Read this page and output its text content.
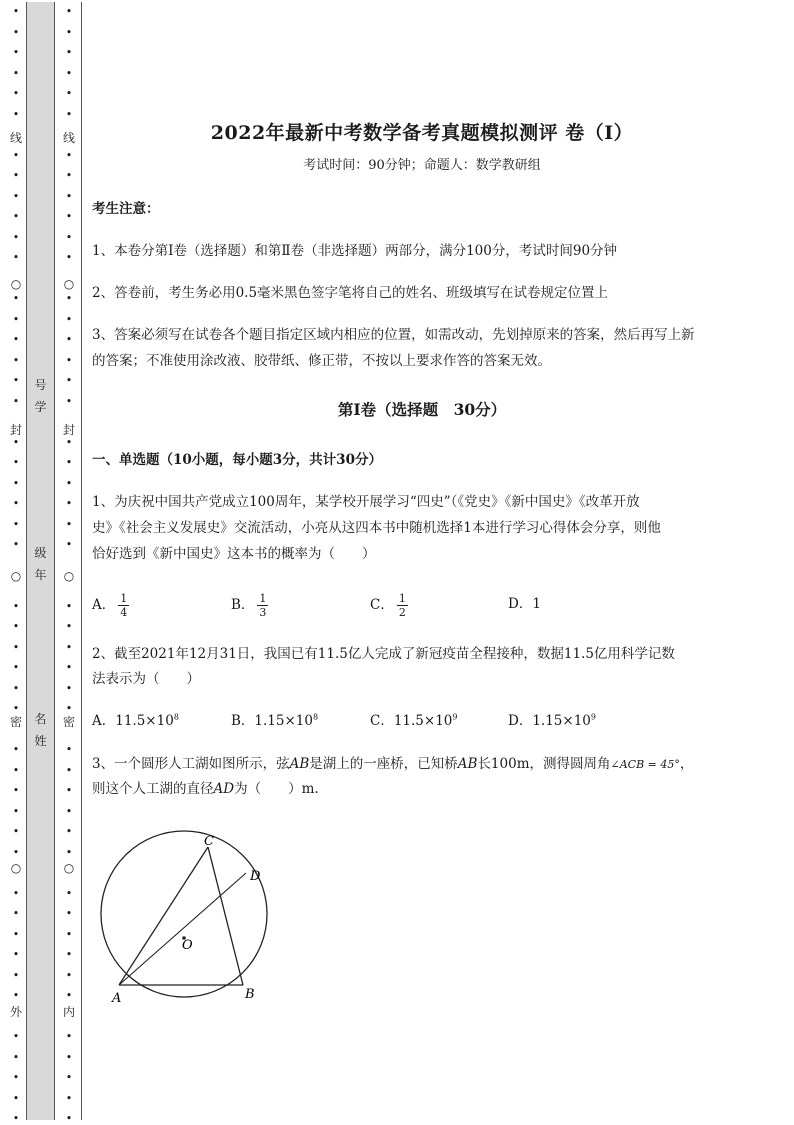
•
•
•
•
•
•
•
•
•
•
•
•
•
•
•
•
•
•
•
•
•
•
•
•
•
•
•
•
•
•
•
•
•
•
•
•
•
•
•
•
•
•
•
•
•
•
•
线
封
密
外
○
○
○
号
学
级
年
名
姓
•
•
•
•
•
•
•
•
•
•
•
•
•
•
•
•
•
•
•
•
•
•
•
•
•
•
•
•
•
•
•
•
•
•
•
•
•
•
•
•
•
•
•
•
•
•
•
线
封
密
内
○
○
○
2022年最新中考数学备考真题模拟测评 卷（Ⅰ）
考试时间：90分钟；命题人：数学教研组
考生注意：
1、本卷分第Ⅰ卷（选择题）和第Ⅱ卷（非选择题）两部分，满分100分，考试时间90分钟
2、答卷前，考生务必用0.5毫米黑色签字笔将自己的姓名、班级填写在试卷规定位置上
3、答案必须写在试卷各个题目指定区域内相应的位置，如需改动，先划掉原来的答案，然后再写上新
的答案；不准使用涂改液、胶带纸、修正带，不按以上要求作答的答案无效。
第Ⅰ卷（选择题　30分）
一、单选题（10小题，每小题3分，共计30分）
1、为庆祝中国共产党成立100周年，某学校开展学习“四史”（《党史》《新中国史》《改革开放
史》《社会主义发展史》交流活动，小亮从这四本书中随机选择1本进行学习心得体会分享，则他
恰好选到《新中国史》这本书的概率为（　　）
A． $\frac{1}{4}$	B． $\frac{1}{3}$	C． $\frac{1}{2}$	D．1
2、截至2021年12月31日，我国已有11.5亿人完成了新冠疫苗全程接种，数据11.5亿用科学记数
法表示为（　　）
A．$11.5\times 10^8$	B．$1.15\times 10^8$	C．$11.5\times 10^9$	D．$1.15\times 10^9$
3、一个圆形人工湖如图所示，弦AB是湖上的一座桥，已知桥AB长100m，测得圆周角∠ACB = 45°，
则这个人工湖的直径AD为（　　）m.
C
D
O
A	B
